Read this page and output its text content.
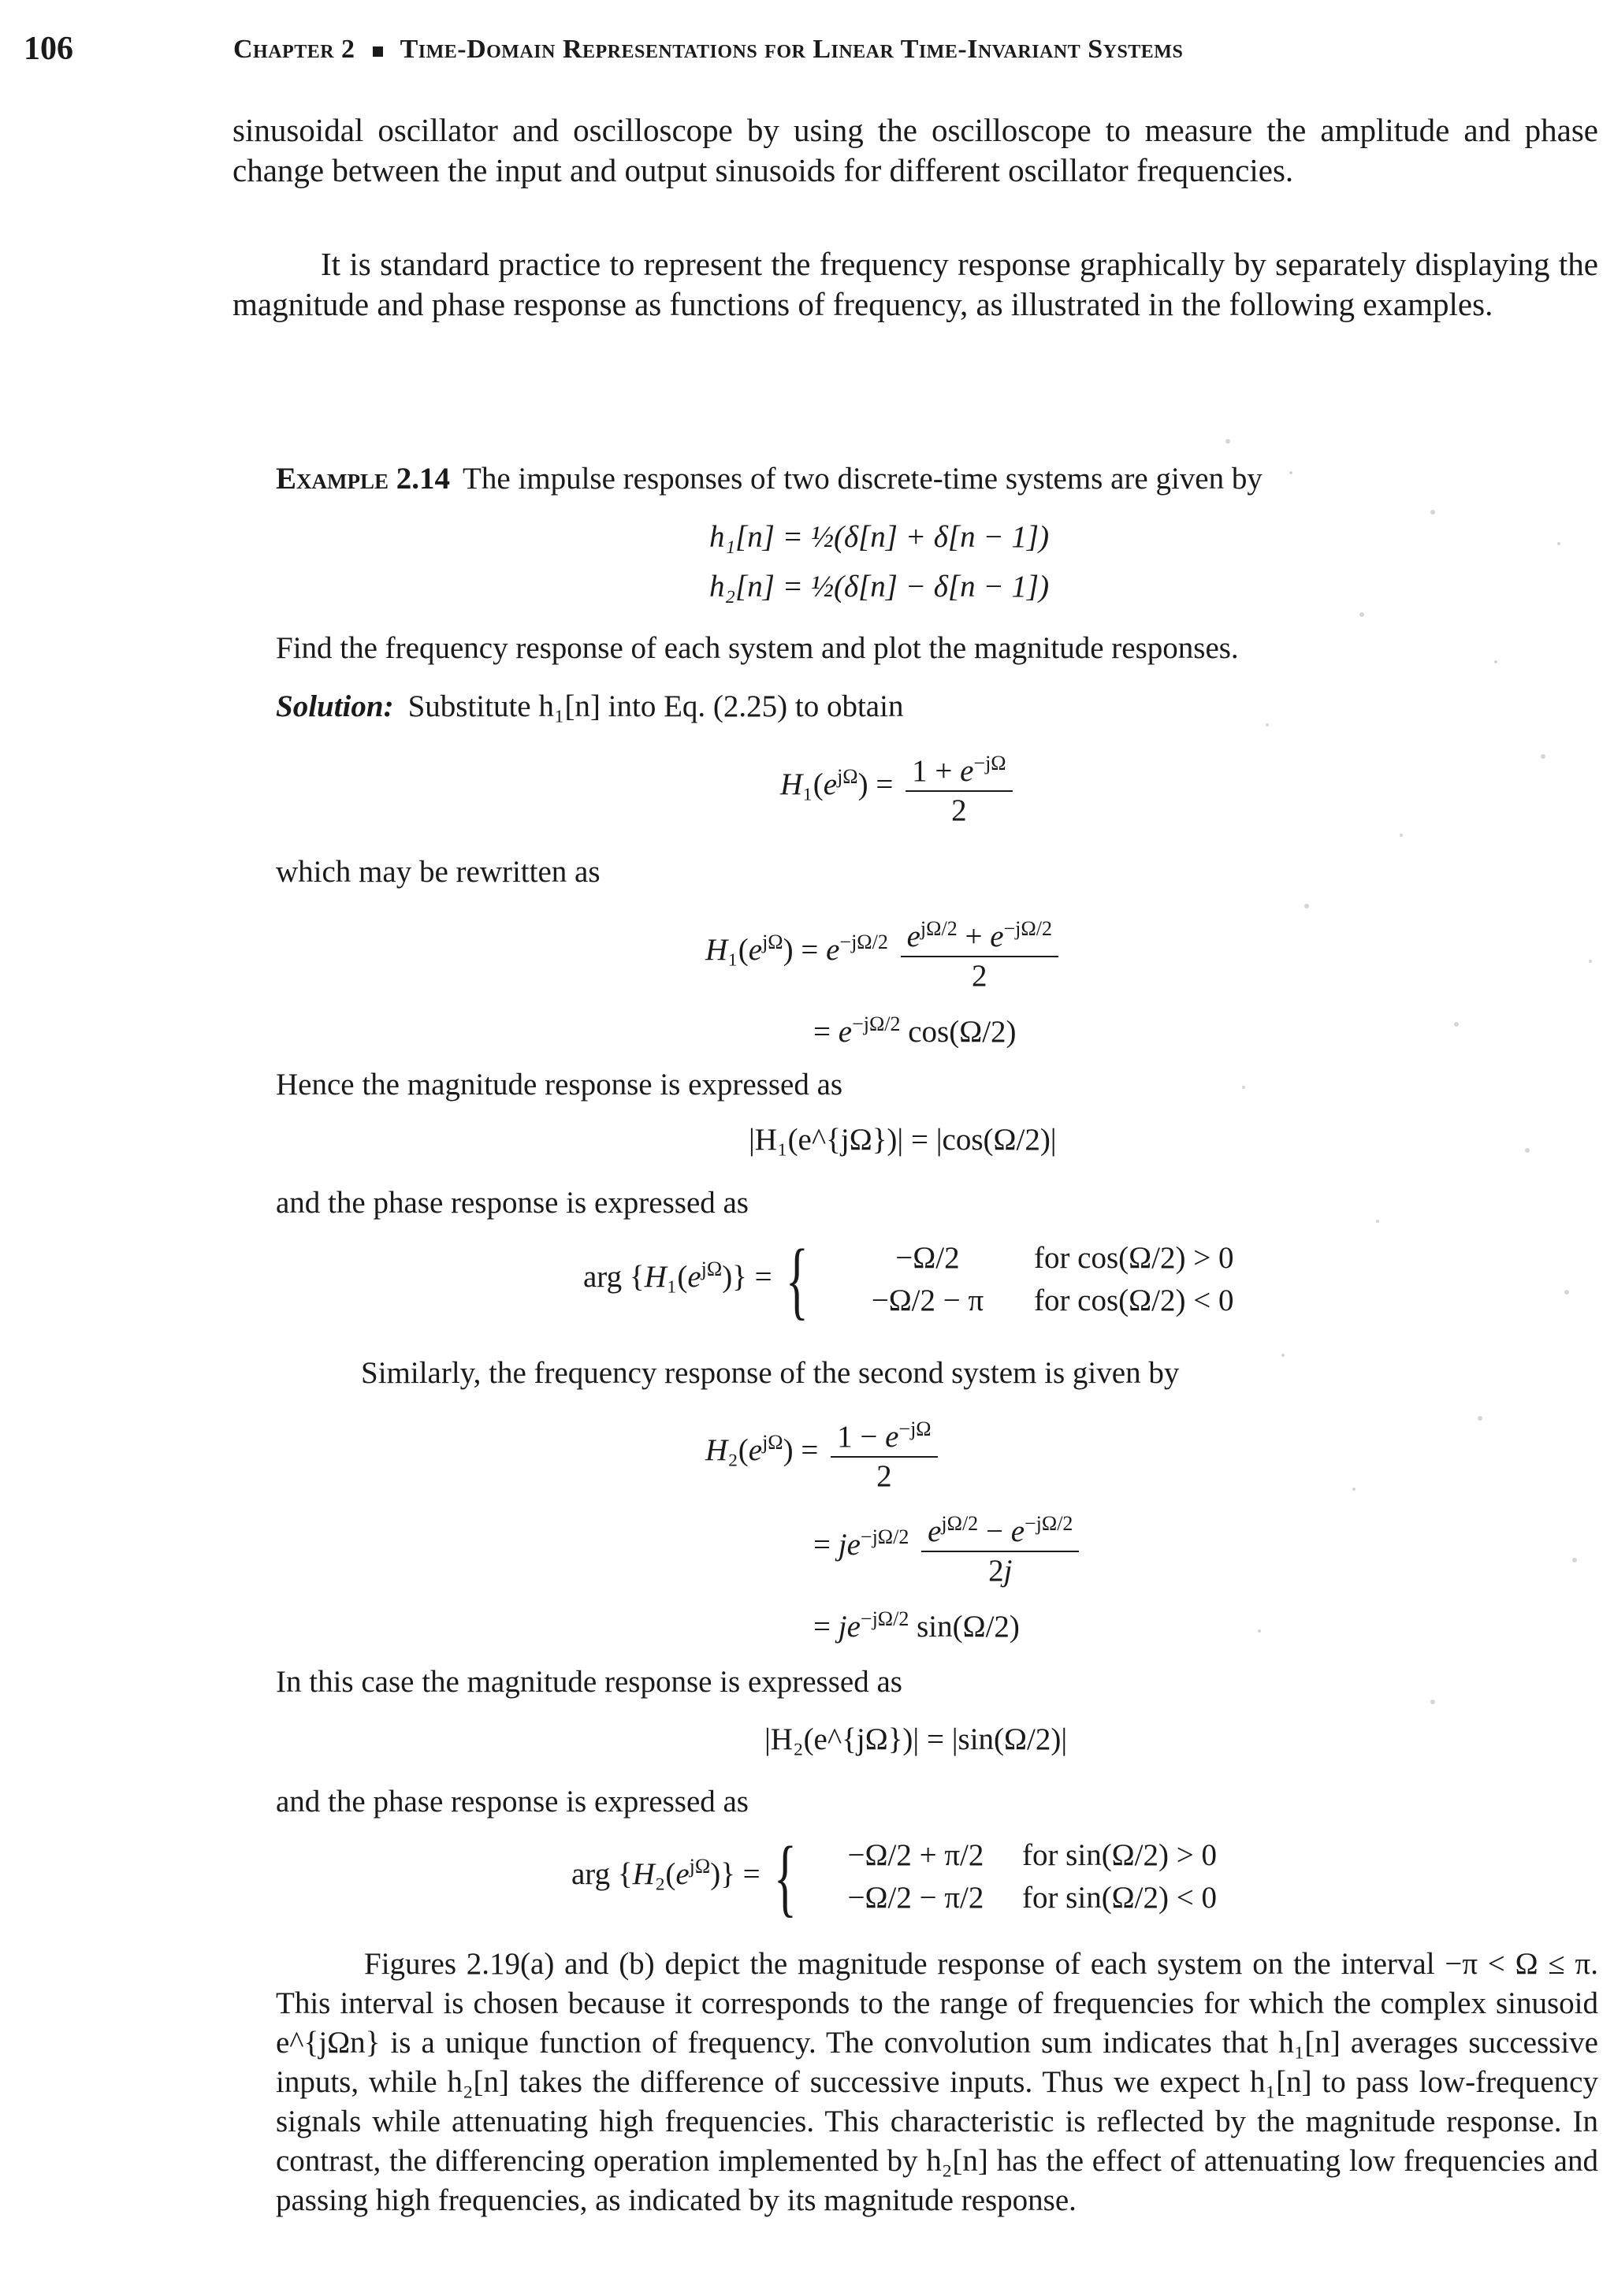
106	Chapter 2 Time-Domain Representations for Linear Time-Invariant Systems
sinusoidal oscillator and oscilloscope by using the oscilloscope to measure the amplitude and phase change between the input and output sinusoids for different oscillator frequencies.
It is standard practice to represent the frequency response graphically by separately displaying the magnitude and phase response as functions of frequency, as illustrated in the following examples.
Example 2.14 The impulse responses of two discrete-time systems are given by
h₁[n] = ½(δ[n] + δ[n − 1])
h₂[n] = ½(δ[n] − δ[n − 1])
Find the frequency response of each system and plot the magnitude responses.
Solution: Substitute h₁[n] into Eq. (2.25) to obtain
$H_1(e^{j\Omega}) = \frac{1 + e^{-j\Omega}}{2}$
which may be rewritten as
$H_1(e^{j\Omega}) = e^{-j\Omega/2} \frac{e^{j\Omega/2} + e^{-j\Omega/2}}{2}$
= $e^{-j\Omega/2}$ cos(Ω/2)
Hence the magnitude response is expressed as
|H₁(e^{jΩ})| = |cos(Ω/2)|
and the phase response is expressed as
arg $\{H_1(e^{j\Omega})\}$ = {	−Ω/2 for cos(Ω/2) > 0
−Ω/2 − π for cos(Ω/2) < 0
Similarly, the frequency response of the second system is given by
$H_2(e^{j\Omega}) = \frac{1 - e^{-j\Omega}}{2}$
= $je^{-j\Omega/2} \frac{e^{j\Omega/2} - e^{-j\Omega/2}}{2j}$
= $je^{-j\Omega/2}$ sin(Ω/2)
In this case the magnitude response is expressed as
|H₂(e^{jΩ})| = |sin(Ω/2)|
and the phase response is expressed as
arg $\{H_2(e^{j\Omega})\}$ = {	−Ω/2 + π/2 for sin(Ω/2) > 0
−Ω/2 − π/2 for sin(Ω/2) < 0
Figures 2.19(a) and (b) depict the magnitude response of each system on the interval −π < Ω ≤ π. This interval is chosen because it corresponds to the range of frequencies for which the complex sinusoid e^{jΩn} is a unique function of frequency. The convolution sum indicates that h₁[n] averages successive inputs, while h₂[n] takes the difference of successive inputs. Thus we expect h₁[n] to pass low-frequency signals while attenuating high frequencies. This characteristic is reflected by the magnitude response. In contrast, the differencing operation implemented by h₂[n] has the effect of attenuating low frequencies and passing high frequencies, as indicated by its magnitude response.
